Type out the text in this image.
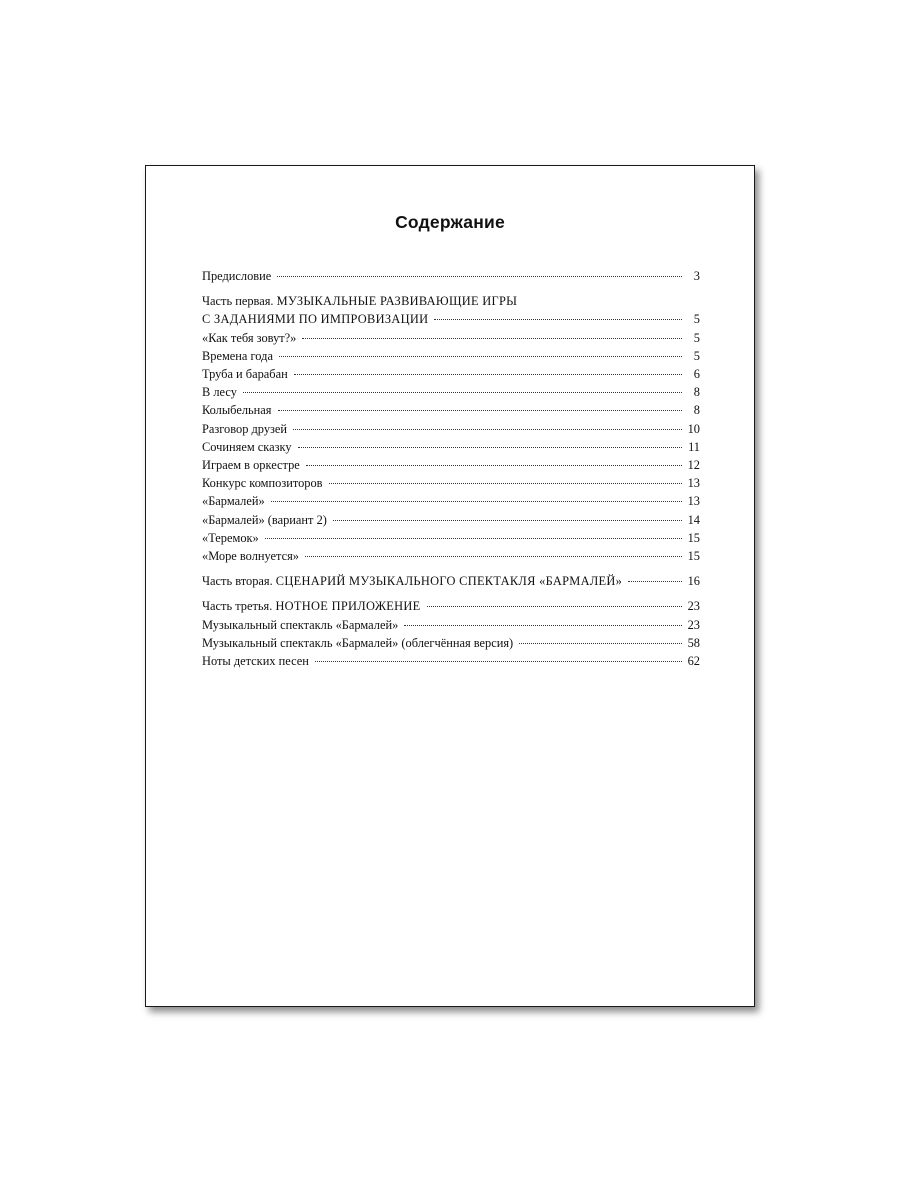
Содержание
Предисловие	3
Часть первая. МУЗЫКАЛЬНЫЕ РАЗВИВАЮЩИЕ ИГРЫ
С ЗАДАНИЯМИ ПО ИМПРОВИЗАЦИИ	5
«Как тебя зовут?»	5
Времена года	5
Труба и барабан	6
В лесу	8
Колыбельная	8
Разговор друзей	10
Сочиняем сказку	11
Играем в оркестре	12
Конкурс композиторов	13
«Бармалей»	13
«Бармалей» (вариант 2)	14
«Теремок»	15
«Море волнуется»	15
Часть вторая. СЦЕНАРИЙ МУЗЫКАЛЬНОГО СПЕКТАКЛЯ «БАРМАЛЕЙ»	16
Часть третья. НОТНОЕ ПРИЛОЖЕНИЕ	23
Музыкальный спектакль «Бармалей»	23
Музыкальный спектакль «Бармалей» (облегчённая версия)	58
Ноты детских песен	62
